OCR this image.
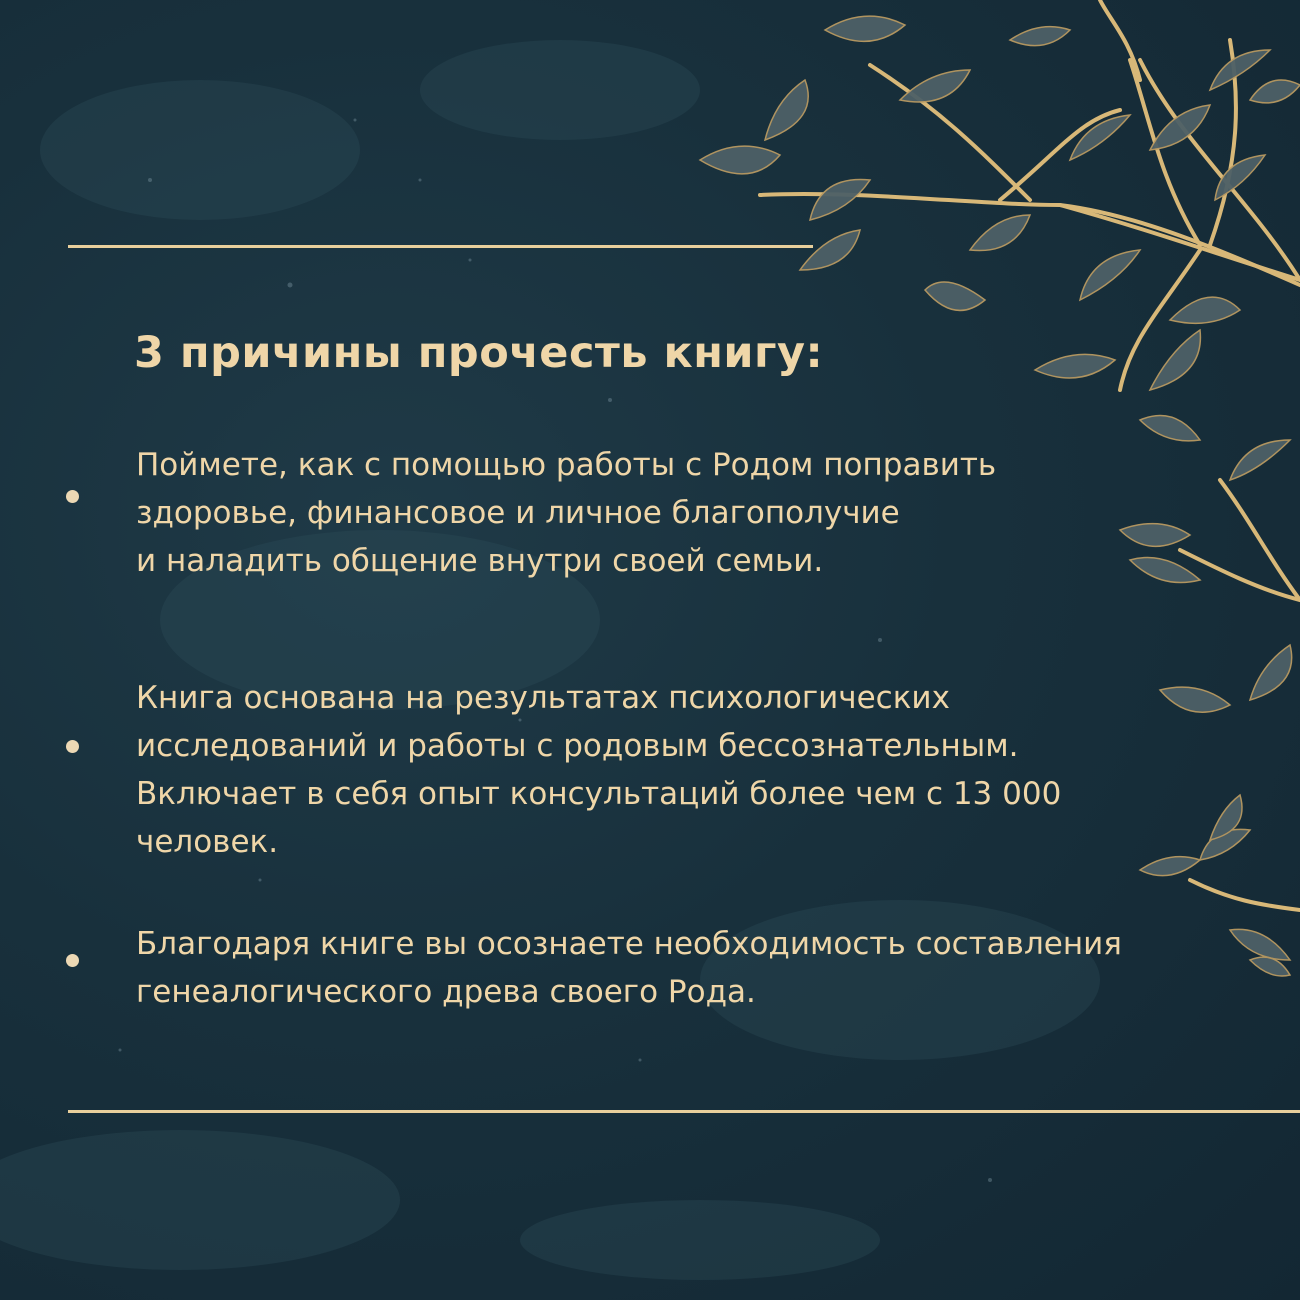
3 причины прочесть книгу:
Поймете, как с помощью работы с Родом поправить
здоровье, финансовое и личное благополучие
и наладить общение внутри своей семьи.
Книга основана на результатах психологических
исследований и работы с родовым бессознательным.
Включает в себя опыт консультаций более чем с 13 000
человек.
Благодаря книге вы осознаете необходимость составления
генеалогического древа своего Рода.
